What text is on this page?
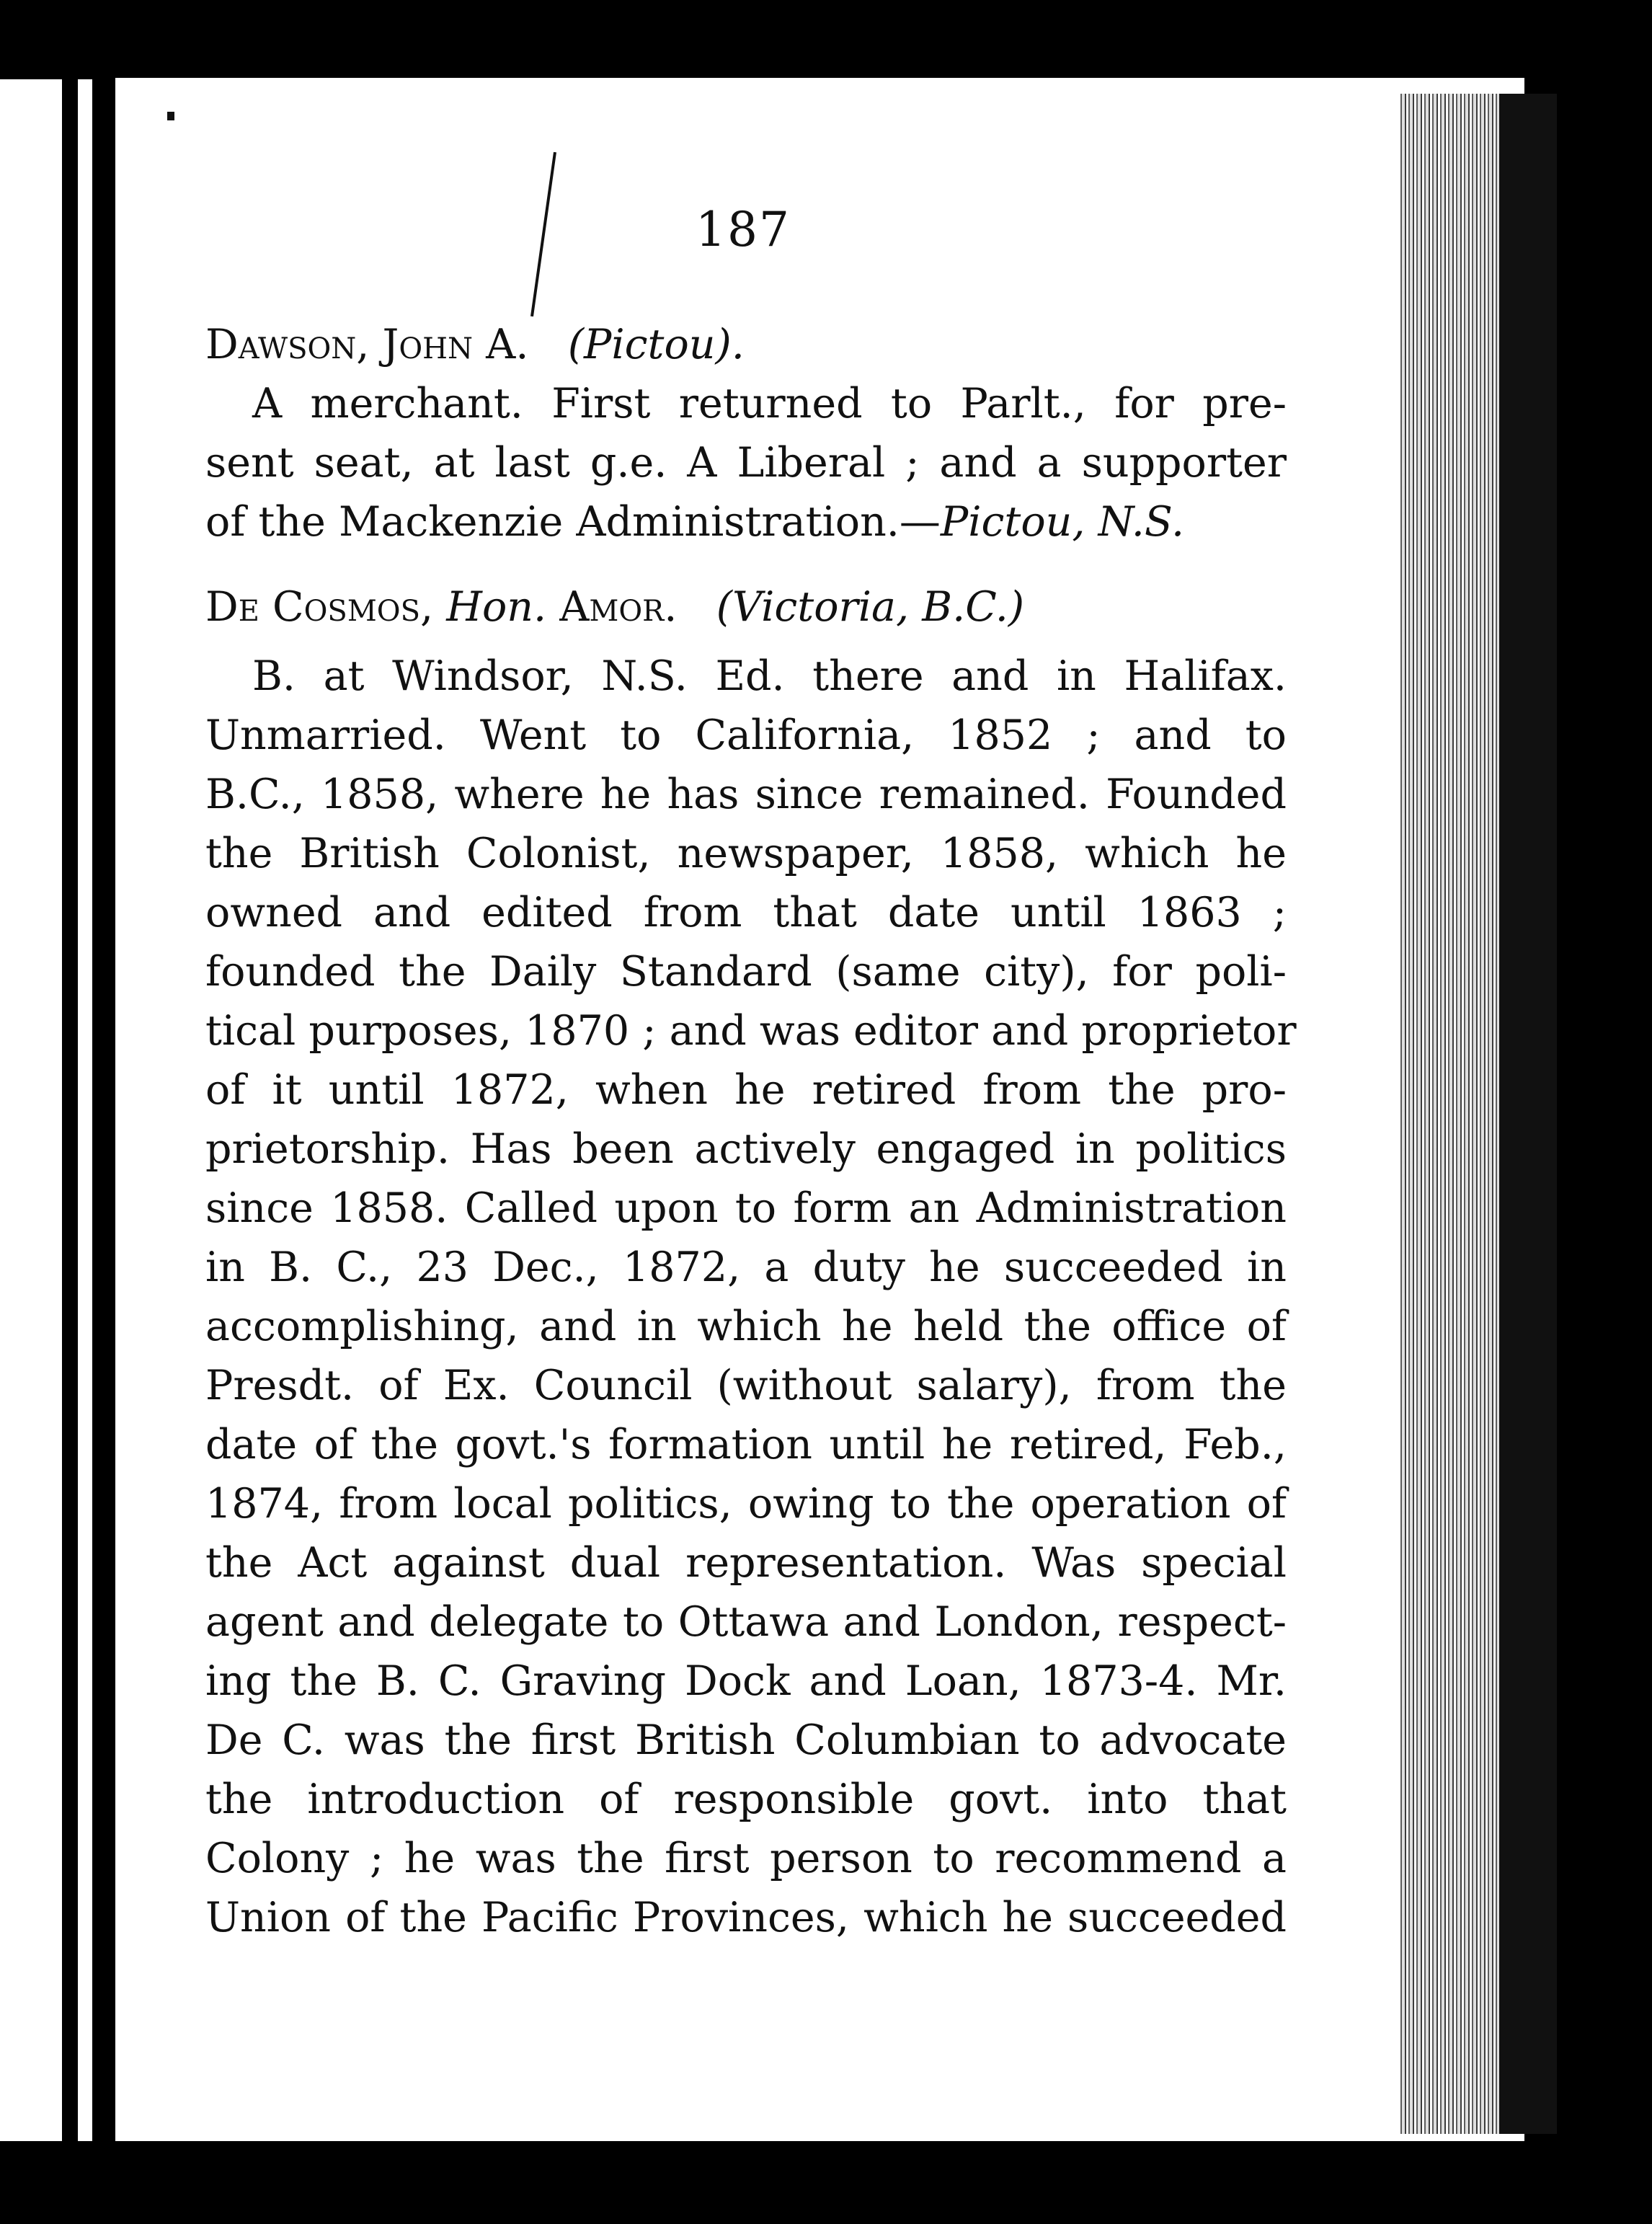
187
Dawson, John A. (Pictou).
A merchant. First returned to Parlt., for pre-
sent seat, at last g.e. A Liberal ; and a supporter
of the Mackenzie Administration.—Pictou, N.S.
De Cosmos, Hon. Amor. (Victoria, B.C.)
B. at Windsor, N.S. Ed. there and in Halifax.
Unmarried. Went to California, 1852 ; and to
B.C., 1858, where he has since remained. Founded
the British Colonist, newspaper, 1858, which he
owned and edited from that date until 1863 ;
founded the Daily Standard (same city), for poli-
tical purposes, 1870 ; and was editor and proprietor
of it until 1872, when he retired from the pro-
prietorship. Has been actively engaged in politics
since 1858. Called upon to form an Administration
in B. C., 23 Dec., 1872, a duty he succeeded in
accomplishing, and in which he held the office of
Presdt. of Ex. Council (without salary), from the
date of the govt.'s formation until he retired, Feb.,
1874, from local politics, owing to the operation of
the Act against dual representation. Was special
agent and delegate to Ottawa and London, respect-
ing the B. C. Graving Dock and Loan, 1873-4. Mr.
De C. was the first British Columbian to advocate
the introduction of responsible govt. into that
Colony ; he was the first person to recommend a
Union of the Pacific Provinces, which he succeeded
